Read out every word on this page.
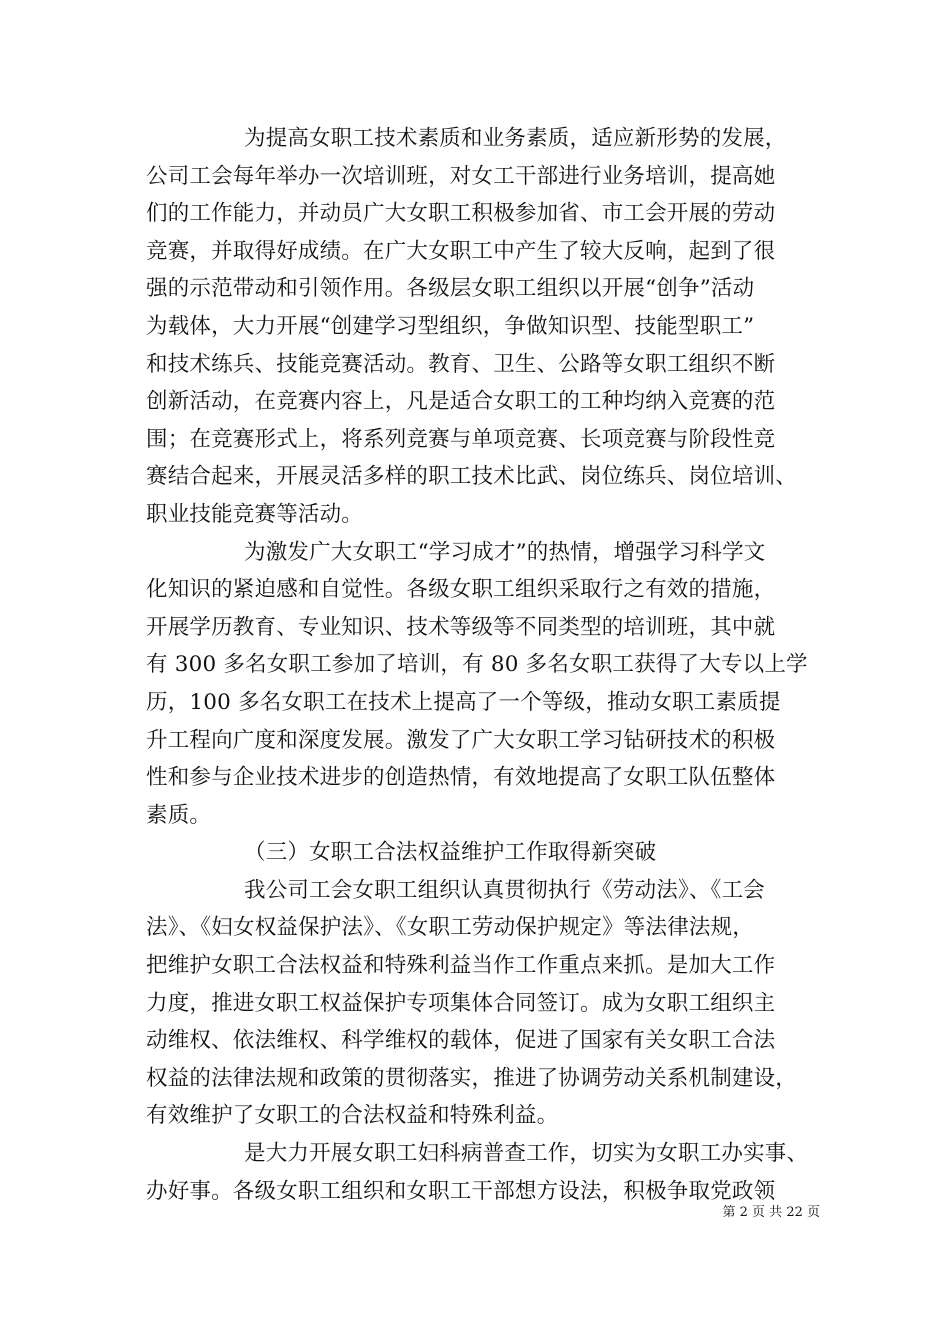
为提高女职工技术素质和业务素质，适应新形势的发展，
公司工会每年举办一次培训班，对女工干部进行业务培训，提高她
们的工作能力，并动员广大女职工积极参加省、市工会开展的劳动
竞赛，并取得好成绩。在广大女职工中产生了较大反响，起到了很
强的示范带动和引领作用。各级层女职工组织以开展“创争”活动
为载体，大力开展“创建学习型组织，争做知识型、技能型职工”
和技术练兵、技能竞赛活动。教育、卫生、公路等女职工组织不断
创新活动，在竞赛内容上，凡是适合女职工的工种均纳入竞赛的范
围；在竞赛形式上，将系列竞赛与单项竞赛、长项竞赛与阶段性竞
赛结合起来，开展灵活多样的职工技术比武、岗位练兵、岗位培训、
职业技能竞赛等活动。
为激发广大女职工“学习成才”的热情，增强学习科学文
化知识的紧迫感和自觉性。各级女职工组织采取行之有效的措施，
开展学历教育、专业知识、技术等级等不同类型的培训班，其中就
有 300 多名女职工参加了培训，有 80 多名女职工获得了大专以上学
历，100 多名女职工在技术上提高了一个等级，推动女职工素质提
升工程向广度和深度发展。激发了广大女职工学习钻研技术的积极
性和参与企业技术进步的创造热情，有效地提高了女职工队伍整体
素质。
（三）女职工合法权益维护工作取得新突破
我公司工会女职工组织认真贯彻执行《劳动法》、《工会
法》、《妇女权益保护法》、《女职工劳动保护规定》等法律法规，
把维护女职工合法权益和特殊利益当作工作重点来抓。是加大工作
力度，推进女职工权益保护专项集体合同签订。成为女职工组织主
动维权、依法维权、科学维权的载体，促进了国家有关女职工合法
权益的法律法规和政策的贯彻落实，推进了协调劳动关系机制建设，
有效维护了女职工的合法权益和特殊利益。
是大力开展女职工妇科病普查工作，切实为女职工办实事、
办好事。各级女职工组织和女职工干部想方设法，积极争取党政领
第 2 页 共 22 页
